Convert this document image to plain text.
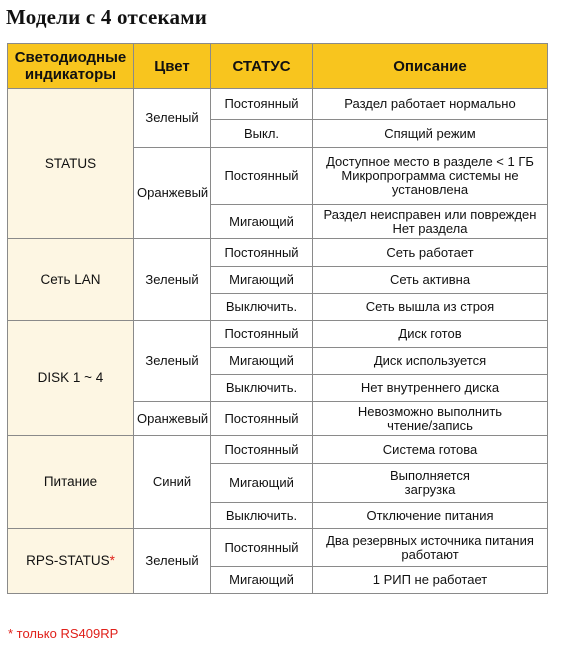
Модели с 4 отсеками
Светодиодные
индикаторы	Цвет	СТАТУС	Описание
STATUS	Зеленый	Постоянный	Раздел работает нормально
		Выкл.	Спящий режим
	Оранжевый	Постоянный	Доступное место в разделе < 1 ГБ
Микропрограмма системы не
установлена
		Мигающий	Раздел неисправен или поврежден
Нет раздела
Сеть LAN	Зеленый	Постоянный	Сеть работает
		Мигающий	Сеть активна
		Выключить.	Сеть вышла из строя
DISK 1 ~ 4	Зеленый	Постоянный	Диск готов
		Мигающий	Диск используется
		Выключить.	Нет внутреннего диска
	Оранжевый	Постоянный	Невозможно выполнить
чтение/запись
Питание	Синий	Постоянный	Система готова
		Мигающий	Выполняется
загрузка
		Выключить.	Отключение питания
RPS-STATUS*	Зеленый	Постоянный	Два резервных источника питания
работают
		Мигающий	1 РИП не работает
* только RS409RP
